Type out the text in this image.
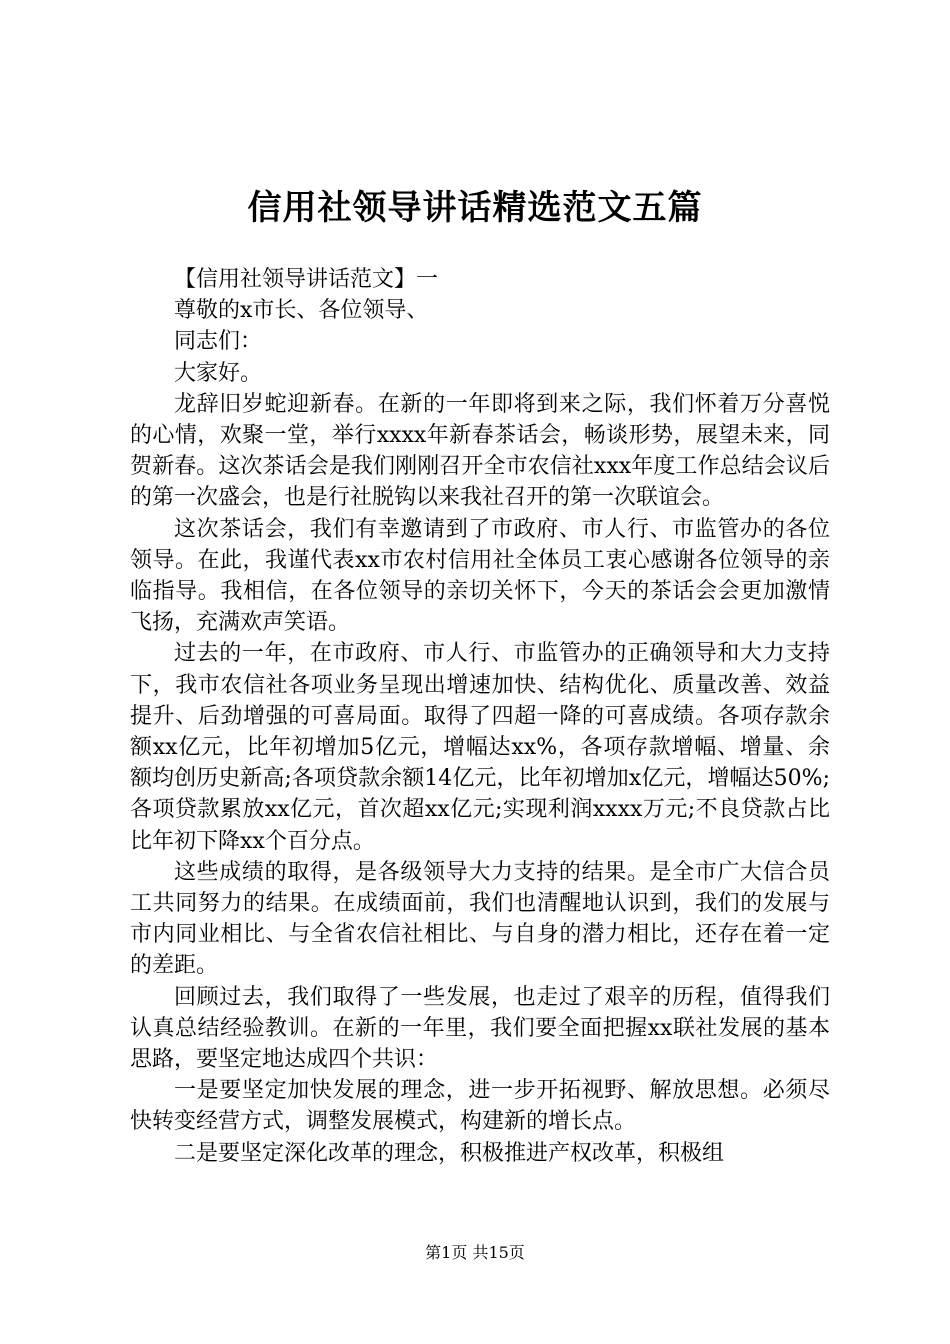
信用社领导讲话精选范文五篇

【信用社领导讲话范文】一

尊敬的x市长、各位领导、

同志们：

大家好。

龙辞旧岁蛇迎新春。在新的一年即将到来之际，我们怀着万分喜悦的心情，欢聚一堂，举行xxxx年新春茶话会，畅谈形势，展望未来，同贺新春。这次茶话会是我们刚刚召开全市农信社xxx年度工作总结会议后的第一次盛会，也是行社脱钩以来我社召开的第一次联谊会。

这次茶话会，我们有幸邀请到了市政府、市人行、市监管办的各位领导。在此，我谨代表xx市农村信用社全体员工衷心感谢各位领导的亲临指导。我相信，在各位领导的亲切关怀下，今天的茶话会会更加激情飞扬，充满欢声笑语。

过去的一年，在市政府、市人行、市监管办的正确领导和大力支持下，我市农信社各项业务呈现出增速加快、结构优化、质量改善、效益提升、后劲增强的可喜局面。取得了四超一降的可喜成绩。各项存款余额xx亿元，比年初增加5亿元，增幅达xx%，各项存款增幅、增量、余额均创历史新高;各项贷款余额14亿元，比年初增加x亿元，增幅达50%;各项贷款累放xx亿元，首次超xx亿元;实现利润xxxx万元;不良贷款占比比年初下降xx个百分点。

这些成绩的取得，是各级领导大力支持的结果。是全市广大信合员工共同努力的结果。在成绩面前，我们也清醒地认识到，我们的发展与市内同业相比、与全省农信社相比、与自身的潜力相比，还存在着一定的差距。

回顾过去，我们取得了一些发展，也走过了艰辛的历程，值得我们认真总结经验教训。在新的一年里，我们要全面把握xx联社发展的基本思路，要坚定地达成四个共识：

一是要坚定加快发展的理念，进一步开拓视野、解放思想。必须尽快转变经营方式，调整发展模式，构建新的增长点。

二是要坚定深化改革的理念，积极推进产权改革，积极组

第1页 共15页
